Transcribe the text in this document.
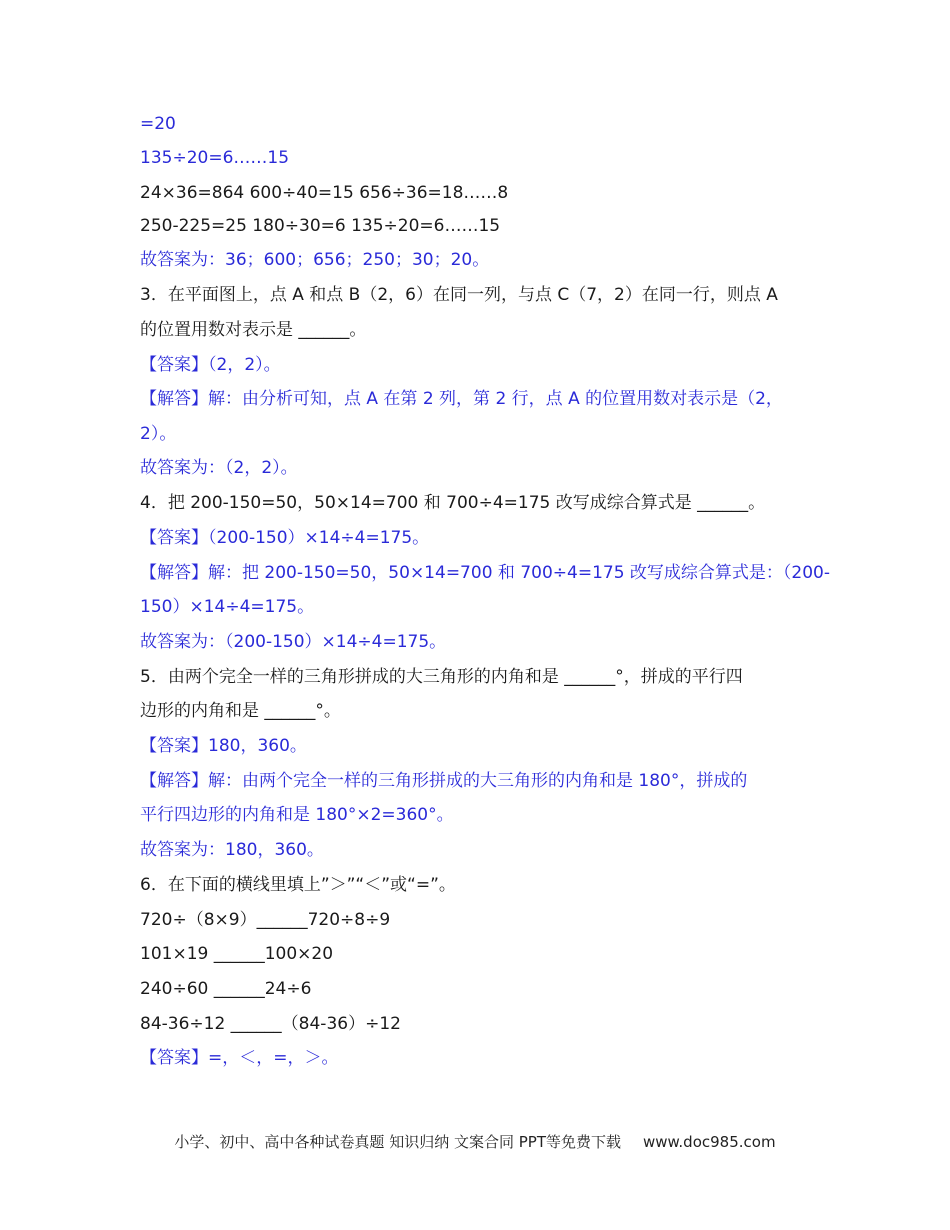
=20
135÷20=6……15
24×36=864 600÷40=15 656÷36=18……8
250-225=25 180÷30=6 135÷20=6……15
故答案为：36；600；656；250；30；20。
3．在平面图上，点 A 和点 B（2，6）在同一列，与点 C（7，2）在同一行，则点 A
的位置用数对表示是 ______。
【答案】（2，2）。
【解答】解：由分析可知，点 A 在第 2 列，第 2 行，点 A 的位置用数对表示是（2，
2）。
故答案为：（2，2）。
4．把 200-150=50，50×14=700 和 700÷4=175 改写成综合算式是 ______。
【答案】（200-150）×14÷4=175。
【解答】解：把 200-150=50，50×14=700 和 700÷4=175 改写成综合算式是：（200-
150）×14÷4=175。
故答案为：（200-150）×14÷4=175。
5．由两个完全一样的三角形拼成的大三角形的内角和是 ______°，拼成的平行四
边形的内角和是 ______°。
【答案】180，360。
【解答】解：由两个完全一样的三角形拼成的大三角形的内角和是 180°，拼成的
平行四边形的内角和是 180°×2=360°。
故答案为：180，360。
6．在下面的横线里填上”＞”“＜”或“=”。
720÷（8×9）______720÷8÷9
101×19 ______100×20
240÷60 ______24÷6
84-36÷12 ______（84-36）÷12
【答案】=，＜，=，＞。
小学、初中、高中各种试卷真题 知识归纳 文案合同 PPT等免费下载 www.doc985.com
